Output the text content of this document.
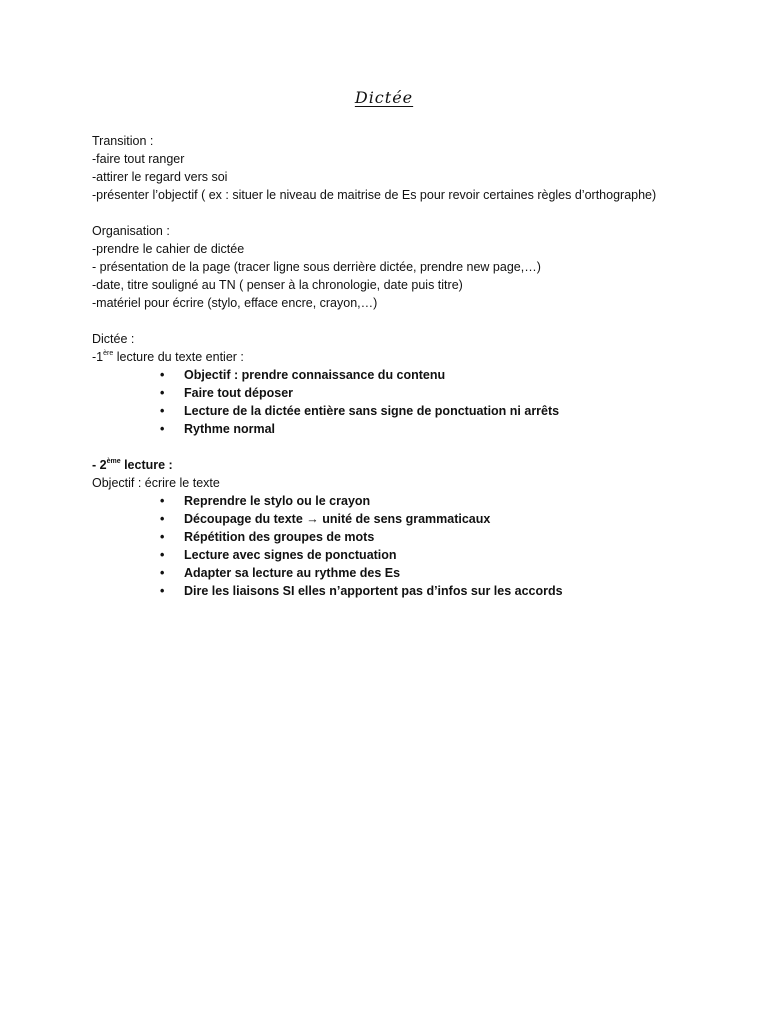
Dictée

Transition :

-faire tout ranger

-attirer le regard vers soi

-présenter l’objectif ( ex : situer le niveau de maitrise de Es pour revoir certaines règles d’orthographe)

Organisation :

-prendre le cahier de dictée

- présentation de la page (tracer ligne sous derrière dictée, prendre new page,…)

-date, titre souligné au TN ( penser à la chronologie, date puis titre)

-matériel pour écrire (stylo, efface encre, crayon,…)

Dictée :

-1ère lecture du texte entier :

• Objectif : prendre connaissance du contenu
• Faire tout déposer
• Lecture de la dictée entière sans signe de ponctuation ni arrêts
• Rythme normal

- 2ème lecture :

Objectif : écrire le texte

• Reprendre le stylo ou le crayon
• Découpage du texte → unité de sens grammaticaux
• Répétition des groupes de mots
• Lecture avec signes de ponctuation
• Adapter sa lecture au rythme des Es
• Dire les liaisons SI elles n’apportent pas d’infos sur les accords
